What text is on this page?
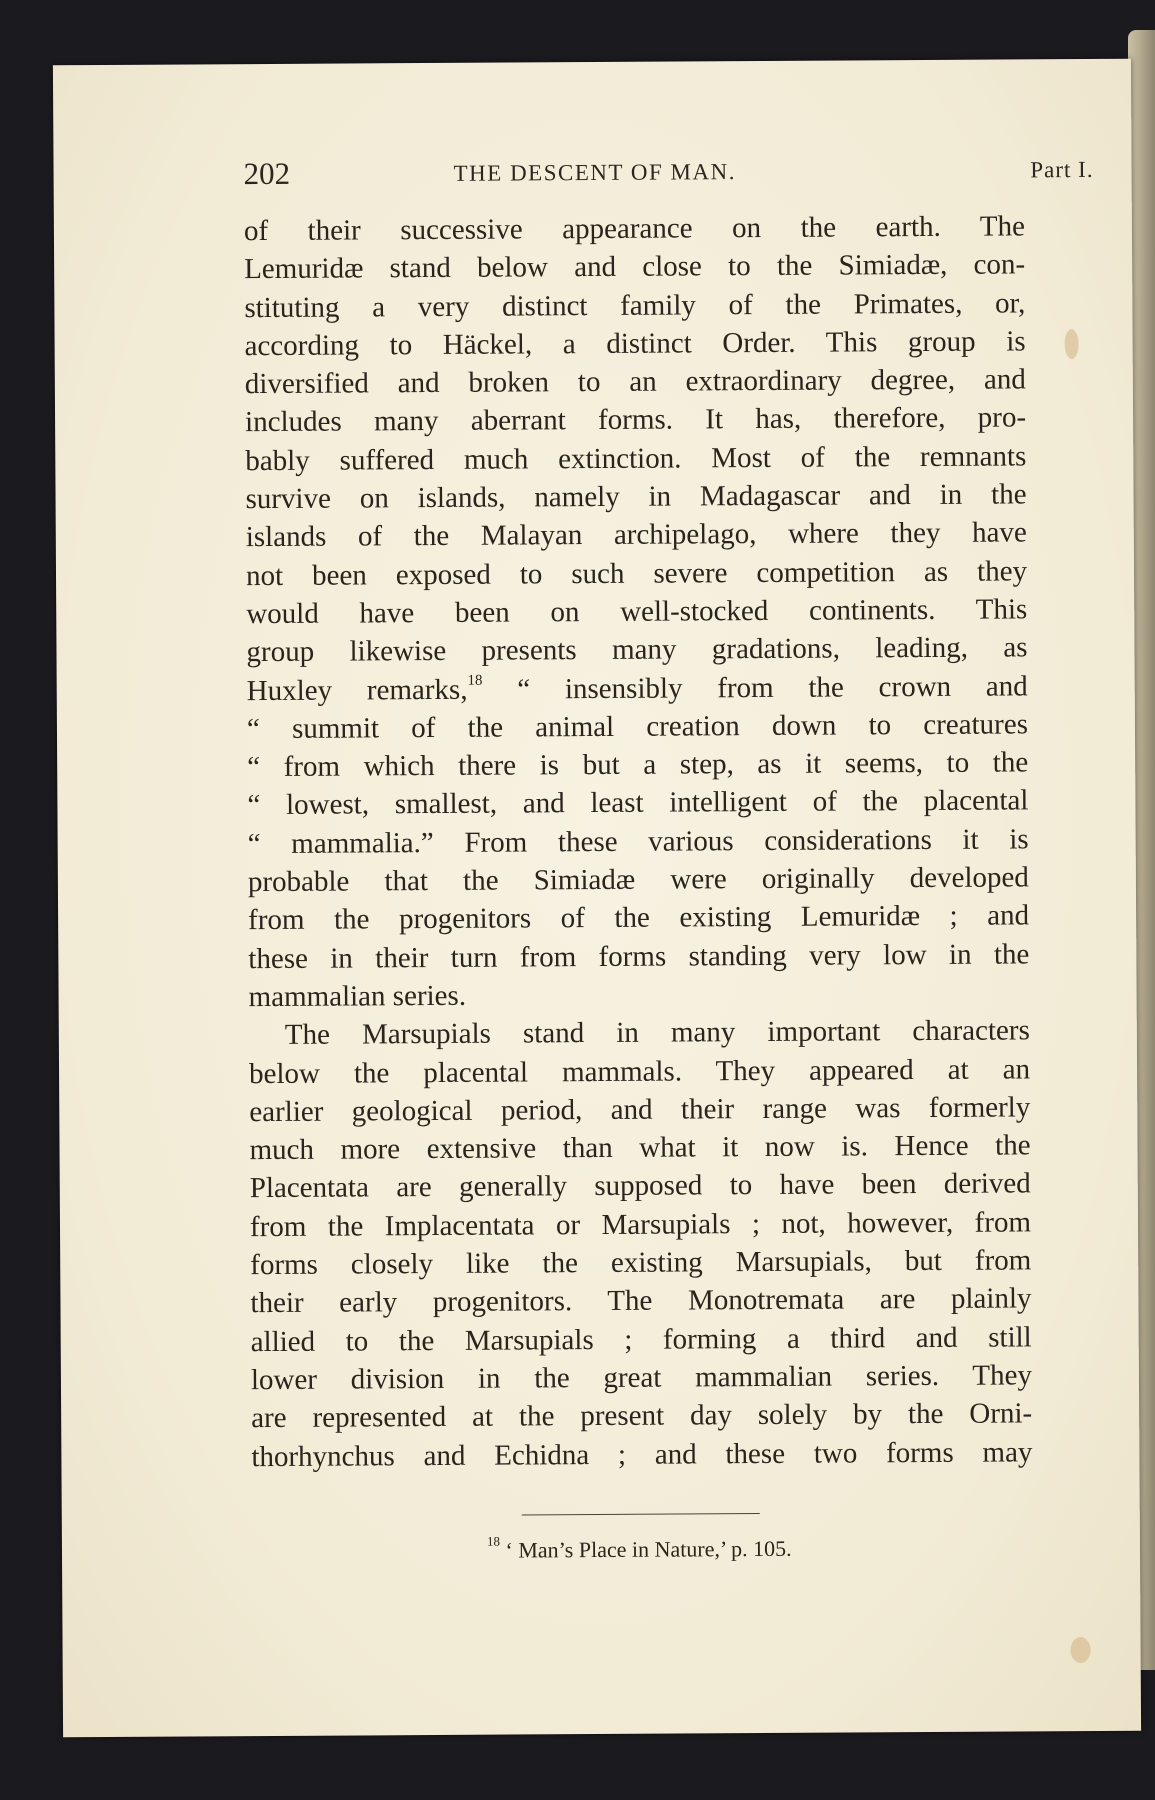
202	THE DESCENT OF MAN.	Part I.
of their successive appearance on the earth. The
Lemuridæ stand below and close to the Simiadæ, con-
stituting a very distinct family of the Primates, or,
according to Häckel, a distinct Order. This group is
diversified and broken to an extraordinary degree, and
includes many aberrant forms. It has, therefore, pro-
bably suffered much extinction. Most of the remnants
survive on islands, namely in Madagascar and in the
islands of the Malayan archipelago, where they have
not been exposed to such severe competition as they
would have been on well-stocked continents. This
group likewise presents many gradations, leading, as
Huxley remarks,$^{18}$ “ insensibly from the crown and
“ summit of the animal creation down to creatures
“ from which there is but a step, as it seems, to the
“ lowest, smallest, and least intelligent of the placental
“ mammalia.” From these various considerations it is
probable that the Simiadæ were originally developed
from the progenitors of the existing Lemuridæ ; and
these in their turn from forms standing very low in the
mammalian series.
The Marsupials stand in many important characters
below the placental mammals. They appeared at an
earlier geological period, and their range was formerly
much more extensive than what it now is. Hence the
Placentata are generally supposed to have been derived
from the Implacentata or Marsupials ; not, however, from
forms closely like the existing Marsupials, but from
their early progenitors. The Monotremata are plainly
allied to the Marsupials ; forming a third and still
lower division in the great mammalian series. They
are represented at the present day solely by the Orni-
thorhynchus and Echidna ; and these two forms may
$^{18}$ ‘ Man’s Place in Nature,’ p. 105.
